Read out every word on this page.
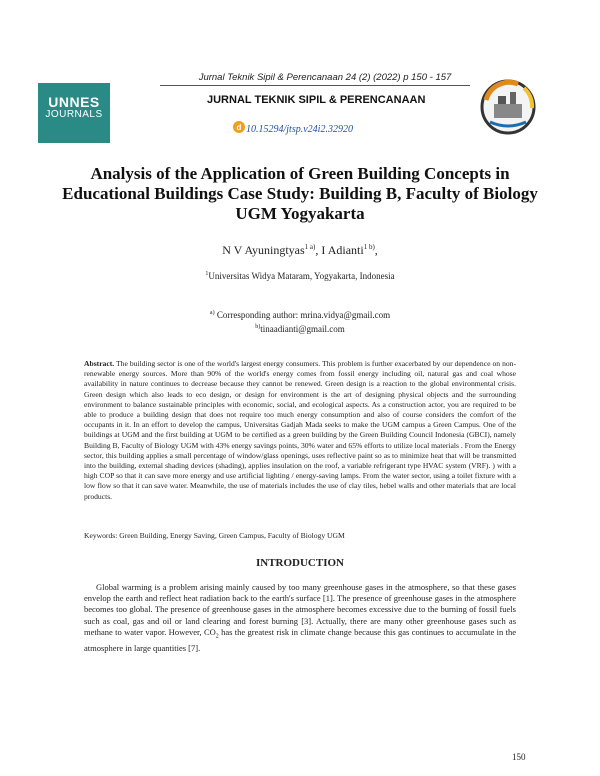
Jurnal Teknik Sipil & Perencanaan 24 (2) (2022) p 150 - 157
UNNES
JOURNALS
JURNAL TEKNIK SIPIL & PERENCANAAN
d 10.15294/jtsp.v24i2.32920
Analysis of the Application of Green Building Concepts in Educational Buildings Case Study: Building B, Faculty of Biology UGM Yogyakarta
N V Ayuningtyas$^{1 a)}$, I Adianti$^{1 b)}$,
$^1$Universitas Widya Mataram, Yogyakarta, Indonesia
$^{a)}$ Corresponding author: mrina.vidya@gmail.com
$^{b)}$tinaadianti@gmail.com
Abstract. The building sector is one of the world's largest energy consumers. This problem is further exacerbated by our dependence on non-renewable energy sources. More than 90% of the world's energy comes from fossil energy including oil, natural gas and coal whose availability in nature continues to decrease because they cannot be renewed. Green design is a reaction to the global environmental crisis. Green design which also leads to eco design, or design for environment is the art of designing physical objects and the surrounding environment to balance sustainable principles with economic, social, and ecological aspects. As a construction actor, you are required to be able to produce a building design that does not require too much energy consumption and also of course considers the comfort of the occupants in it. In an effort to develop the campus, Universitas Gadjah Mada seeks to make the UGM campus a Green Campus. One of the buildings at UGM and the first building at UGM to be certified as a green building by the Green Building Council Indonesia (GBCI), namely Building B, Faculty of Biology UGM with 43% energy savings points, 30% water and 65% efforts to utilize local materials . From the Energy sector, this building applies a small percentage of window/glass openings, uses reflective paint so as to minimize heat that will be transmitted into the building, external shading devices (shading), applies insulation on the roof, a variable refrigerant type HVAC system (VRF). ) with a high COP so that it can save more energy and use artificial lighting / energy-saving lamps. From the water sector, using a toilet fixture with a low flow so that it can save water. Meanwhile, the use of materials includes the use of clay tiles, hebel walls and other materials that are local products.
Keywords: Green Building, Energy Saving, Green Campus, Faculty of Biology UGM
INTRODUCTION
Global warming is a problem arising mainly caused by too many greenhouse gases in the atmosphere, so that these gases envelop the earth and reflect heat radiation back to the earth's surface [1]. The presence of greenhouse gases in the atmosphere becomes too global. The presence of greenhouse gases in the atmosphere becomes excessive due to the burning of fossil fuels such as coal, gas and oil or land clearing and forest burning [3]. Actually, there are many other greenhouse gases such as methane to water vapor. However, $CO_2$ has the greatest risk in climate change because this gas continues to accumulate in the atmosphere in large quantities [7].
150
